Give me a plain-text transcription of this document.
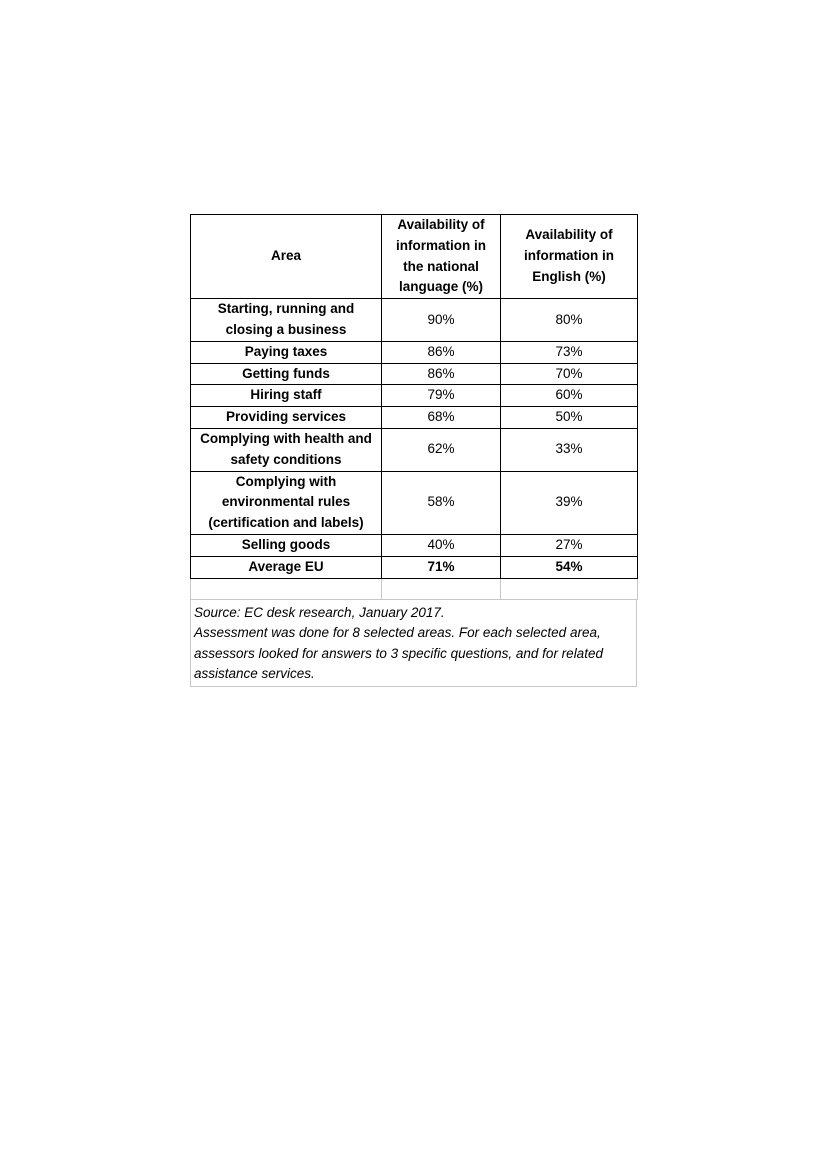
Area	Availability of information in the national language (%)	Availability of information in English (%)
Starting, running and closing a business	90%	80%
Paying taxes	86%	73%
Getting funds	86%	70%
Hiring staff	79%	60%
Providing services	68%	50%
Complying with health and safety conditions	62%	33%
Complying with environmental rules (certification and labels)	58%	39%
Selling goods	40%	27%
Average EU	71%	54%

Source: EC desk research, January 2017.
Assessment was done for 8 selected areas. For each selected area, assessors looked for answers to 3 specific questions, and for related assistance services.
